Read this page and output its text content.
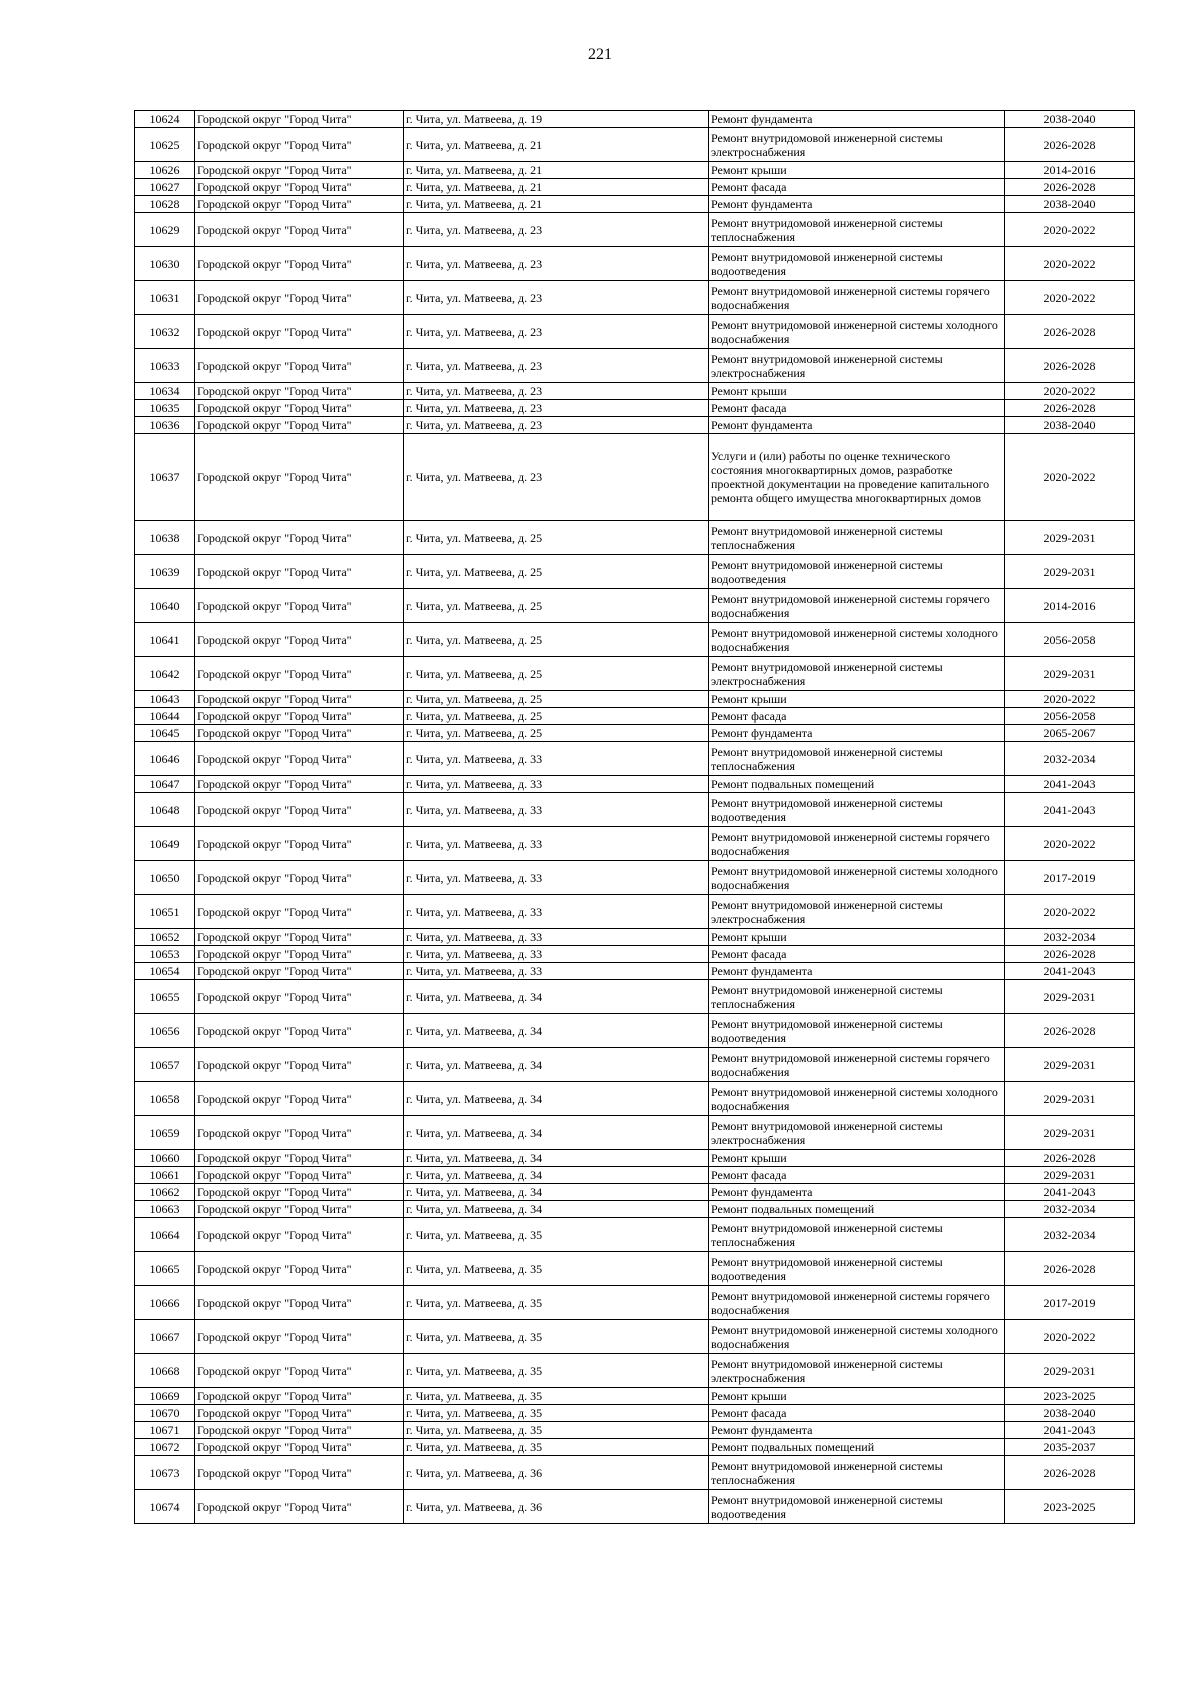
221
10624	Городской округ "Город Чита"	г. Чита, ул. Матвеева, д. 19	Ремонт фундамента	2038-2040
10625	Городской округ "Город Чита"	г. Чита, ул. Матвеева, д. 21	Ремонт внутридомовой инженерной системы электроснабжения	2026-2028
10626	Городской округ "Город Чита"	г. Чита, ул. Матвеева, д. 21	Ремонт крыши	2014-2016
10627	Городской округ "Город Чита"	г. Чита, ул. Матвеева, д. 21	Ремонт фасада	2026-2028
10628	Городской округ "Город Чита"	г. Чита, ул. Матвеева, д. 21	Ремонт фундамента	2038-2040
10629	Городской округ "Город Чита"	г. Чита, ул. Матвеева, д. 23	Ремонт внутридомовой инженерной системы теплоснабжения	2020-2022
10630	Городской округ "Город Чита"	г. Чита, ул. Матвеева, д. 23	Ремонт внутридомовой инженерной системы водоотведения	2020-2022
10631	Городской округ "Город Чита"	г. Чита, ул. Матвеева, д. 23	Ремонт внутридомовой инженерной системы горячего водоснабжения	2020-2022
10632	Городской округ "Город Чита"	г. Чита, ул. Матвеева, д. 23	Ремонт внутридомовой инженерной системы холодного водоснабжения	2026-2028
10633	Городской округ "Город Чита"	г. Чита, ул. Матвеева, д. 23	Ремонт внутридомовой инженерной системы электроснабжения	2026-2028
10634	Городской округ "Город Чита"	г. Чита, ул. Матвеева, д. 23	Ремонт крыши	2020-2022
10635	Городской округ "Город Чита"	г. Чита, ул. Матвеева, д. 23	Ремонт фасада	2026-2028
10636	Городской округ "Город Чита"	г. Чита, ул. Матвеева, д. 23	Ремонт фундамента	2038-2040
10637	Городской округ "Город Чита"	г. Чита, ул. Матвеева, д. 23	Услуги и (или) работы по оценке технического состояния многоквартирных домов, разработке проектной документации на проведение капитального ремонта общего имущества многоквартирных домов	2020-2022
10638	Городской округ "Город Чита"	г. Чита, ул. Матвеева, д. 25	Ремонт внутридомовой инженерной системы теплоснабжения	2029-2031
10639	Городской округ "Город Чита"	г. Чита, ул. Матвеева, д. 25	Ремонт внутридомовой инженерной системы водоотведения	2029-2031
10640	Городской округ "Город Чита"	г. Чита, ул. Матвеева, д. 25	Ремонт внутридомовой инженерной системы горячего водоснабжения	2014-2016
10641	Городской округ "Город Чита"	г. Чита, ул. Матвеева, д. 25	Ремонт внутридомовой инженерной системы холодного водоснабжения	2056-2058
10642	Городской округ "Город Чита"	г. Чита, ул. Матвеева, д. 25	Ремонт внутридомовой инженерной системы электроснабжения	2029-2031
10643	Городской округ "Город Чита"	г. Чита, ул. Матвеева, д. 25	Ремонт крыши	2020-2022
10644	Городской округ "Город Чита"	г. Чита, ул. Матвеева, д. 25	Ремонт фасада	2056-2058
10645	Городской округ "Город Чита"	г. Чита, ул. Матвеева, д. 25	Ремонт фундамента	2065-2067
10646	Городской округ "Город Чита"	г. Чита, ул. Матвеева, д. 33	Ремонт внутридомовой инженерной системы теплоснабжения	2032-2034
10647	Городской округ "Город Чита"	г. Чита, ул. Матвеева, д. 33	Ремонт подвальных помещений	2041-2043
10648	Городской округ "Город Чита"	г. Чита, ул. Матвеева, д. 33	Ремонт внутридомовой инженерной системы водоотведения	2041-2043
10649	Городской округ "Город Чита"	г. Чита, ул. Матвеева, д. 33	Ремонт внутридомовой инженерной системы горячего водоснабжения	2020-2022
10650	Городской округ "Город Чита"	г. Чита, ул. Матвеева, д. 33	Ремонт внутридомовой инженерной системы холодного водоснабжения	2017-2019
10651	Городской округ "Город Чита"	г. Чита, ул. Матвеева, д. 33	Ремонт внутридомовой инженерной системы электроснабжения	2020-2022
10652	Городской округ "Город Чита"	г. Чита, ул. Матвеева, д. 33	Ремонт крыши	2032-2034
10653	Городской округ "Город Чита"	г. Чита, ул. Матвеева, д. 33	Ремонт фасада	2026-2028
10654	Городской округ "Город Чита"	г. Чита, ул. Матвеева, д. 33	Ремонт фундамента	2041-2043
10655	Городской округ "Город Чита"	г. Чита, ул. Матвеева, д. 34	Ремонт внутридомовой инженерной системы теплоснабжения	2029-2031
10656	Городской округ "Город Чита"	г. Чита, ул. Матвеева, д. 34	Ремонт внутридомовой инженерной системы водоотведения	2026-2028
10657	Городской округ "Город Чита"	г. Чита, ул. Матвеева, д. 34	Ремонт внутридомовой инженерной системы горячего водоснабжения	2029-2031
10658	Городской округ "Город Чита"	г. Чита, ул. Матвеева, д. 34	Ремонт внутридомовой инженерной системы холодного водоснабжения	2029-2031
10659	Городской округ "Город Чита"	г. Чита, ул. Матвеева, д. 34	Ремонт внутридомовой инженерной системы электроснабжения	2029-2031
10660	Городской округ "Город Чита"	г. Чита, ул. Матвеева, д. 34	Ремонт крыши	2026-2028
10661	Городской округ "Город Чита"	г. Чита, ул. Матвеева, д. 34	Ремонт фасада	2029-2031
10662	Городской округ "Город Чита"	г. Чита, ул. Матвеева, д. 34	Ремонт фундамента	2041-2043
10663	Городской округ "Город Чита"	г. Чита, ул. Матвеева, д. 34	Ремонт подвальных помещений	2032-2034
10664	Городской округ "Город Чита"	г. Чита, ул. Матвеева, д. 35	Ремонт внутридомовой инженерной системы теплоснабжения	2032-2034
10665	Городской округ "Город Чита"	г. Чита, ул. Матвеева, д. 35	Ремонт внутридомовой инженерной системы водоотведения	2026-2028
10666	Городской округ "Город Чита"	г. Чита, ул. Матвеева, д. 35	Ремонт внутридомовой инженерной системы горячего водоснабжения	2017-2019
10667	Городской округ "Город Чита"	г. Чита, ул. Матвеева, д. 35	Ремонт внутридомовой инженерной системы холодного водоснабжения	2020-2022
10668	Городской округ "Город Чита"	г. Чита, ул. Матвеева, д. 35	Ремонт внутридомовой инженерной системы электроснабжения	2029-2031
10669	Городской округ "Город Чита"	г. Чита, ул. Матвеева, д. 35	Ремонт крыши	2023-2025
10670	Городской округ "Город Чита"	г. Чита, ул. Матвеева, д. 35	Ремонт фасада	2038-2040
10671	Городской округ "Город Чита"	г. Чита, ул. Матвеева, д. 35	Ремонт фундамента	2041-2043
10672	Городской округ "Город Чита"	г. Чита, ул. Матвеева, д. 35	Ремонт подвальных помещений	2035-2037
10673	Городской округ "Город Чита"	г. Чита, ул. Матвеева, д. 36	Ремонт внутридомовой инженерной системы теплоснабжения	2026-2028
10674	Городской округ "Город Чита"	г. Чита, ул. Матвеева, д. 36	Ремонт внутридомовой инженерной системы водоотведения	2023-2025
